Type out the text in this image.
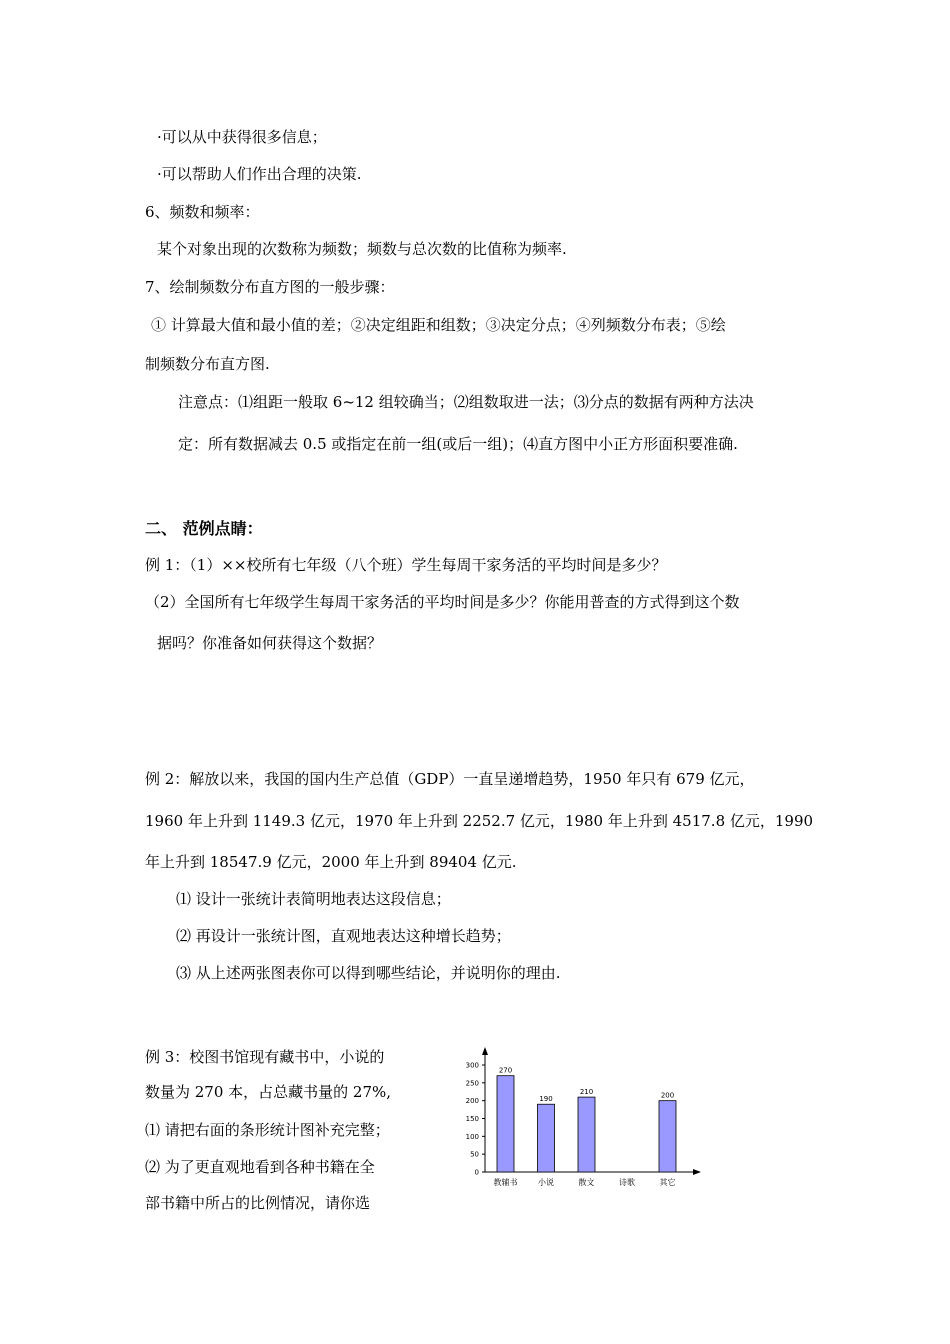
·可以从中获得很多信息；
·可以帮助人们作出合理的决策.
6、频数和频率：
某个对象出现的次数称为频数；频数与总次数的比值称为频率.
7、绘制频数分布直方图的一般步骤：
① 计算最大值和最小值的差；②决定组距和组数；③决定分点；④列频数分布表；⑤绘
制频数分布直方图.
注意点：⑴组距一般取 6~12 组较确当；⑵组数取进一法；⑶分点的数据有两种方法决
定：所有数据减去 0.5 或指定在前一组(或后一组)；⑷直方图中小正方形面积要准确.
二、 范例点睛：
例 1：（1）××校所有七年级（八个班）学生每周干家务活的平均时间是多少？
（2）全国所有七年级学生每周干家务活的平均时间是多少？你能用普查的方式得到这个数
据吗？你准备如何获得这个数据？
例 2：解放以来，我国的国内生产总值（GDP）一直呈递增趋势，1950 年只有 679 亿元，
1960 年上升到 1149.3 亿元，1970 年上升到 2252.7 亿元，1980 年上升到 4517.8 亿元，1990
年上升到 18547.9 亿元，2000 年上升到 89404 亿元.
⑴ 设计一张统计表简明地表达这段信息；
⑵ 再设计一张统计图，直观地表达这种增长趋势；
⑶ 从上述两张图表你可以得到哪些结论，并说明你的理由.
例 3：校图书馆现有藏书中，小说的
数量为 270 本，占总藏书量的 27%,
⑴ 请把右面的条形统计图补充完整；
⑵ 为了更直观地看到各种书籍在全
部书籍中所占的比例情况，请你选
0
50
100
150
200
250
300
270
教辅书
190
小说
210
散文	诗歌
200
其它
